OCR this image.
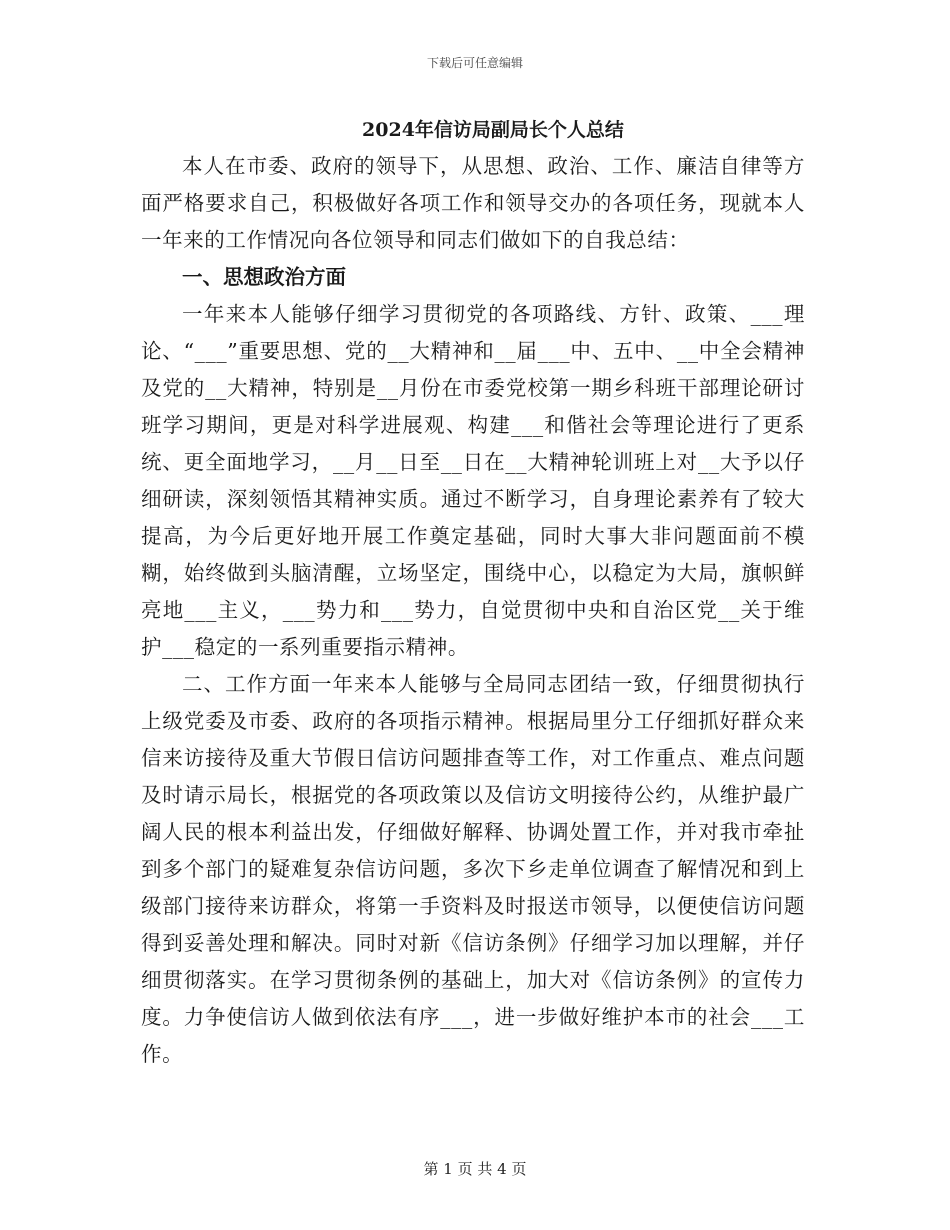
下载后可任意编辑
2024年信访局副局长个人总结

本人在市委、政府的领导下，从思想、政治、工作、廉洁自律等方面严格要求自己，积极做好各项工作和领导交办的各项任务，现就本人一年来的工作情况向各位领导和同志们做如下的自我总结：

一、思想政治方面

一年来本人能够仔细学习贯彻党的各项路线、方针、政策、___理论、“___”重要思想、党的__大精神和__届___中、五中、__中全会精神及党的__大精神，特别是__月份在市委党校第一期乡科班干部理论研讨班学习期间，更是对科学进展观、构建___和偕社会等理论进行了更系统、更全面地学习，__月__日至__日在__大精神轮训班上对__大予以仔细研读，深刻领悟其精神实质。通过不断学习，自身理论素养有了较大提高，为今后更好地开展工作奠定基础，同时大事大非问题面前不模糊，始终做到头脑清醒，立场坚定，围绕中心，以稳定为大局，旗帜鲜亮地___主义，___势力和___势力，自觉贯彻中央和自治区党__关于维护___稳定的一系列重要指示精神。

二、工作方面一年来本人能够与全局同志团结一致，仔细贯彻执行上级党委及市委、政府的各项指示精神。根据局里分工仔细抓好群众来信来访接待及重大节假日信访问题排查等工作，对工作重点、难点问题及时请示局长，根据党的各项政策以及信访文明接待公约，从维护最广阔人民的根本利益出发，仔细做好解释、协调处置工作，并对我市牵扯到多个部门的疑难复杂信访问题，多次下乡走单位调查了解情况和到上级部门接待来访群众，将第一手资料及时报送市领导，以便使信访问题得到妥善处理和解决。同时对新《信访条例》仔细学习加以理解，并仔细贯彻落实。在学习贯彻条例的基础上，加大对《信访条例》的宣传力度。力争使信访人做到依法有序___，进一步做好维护本市的社会___工作。

第 1 页 共 4 页
